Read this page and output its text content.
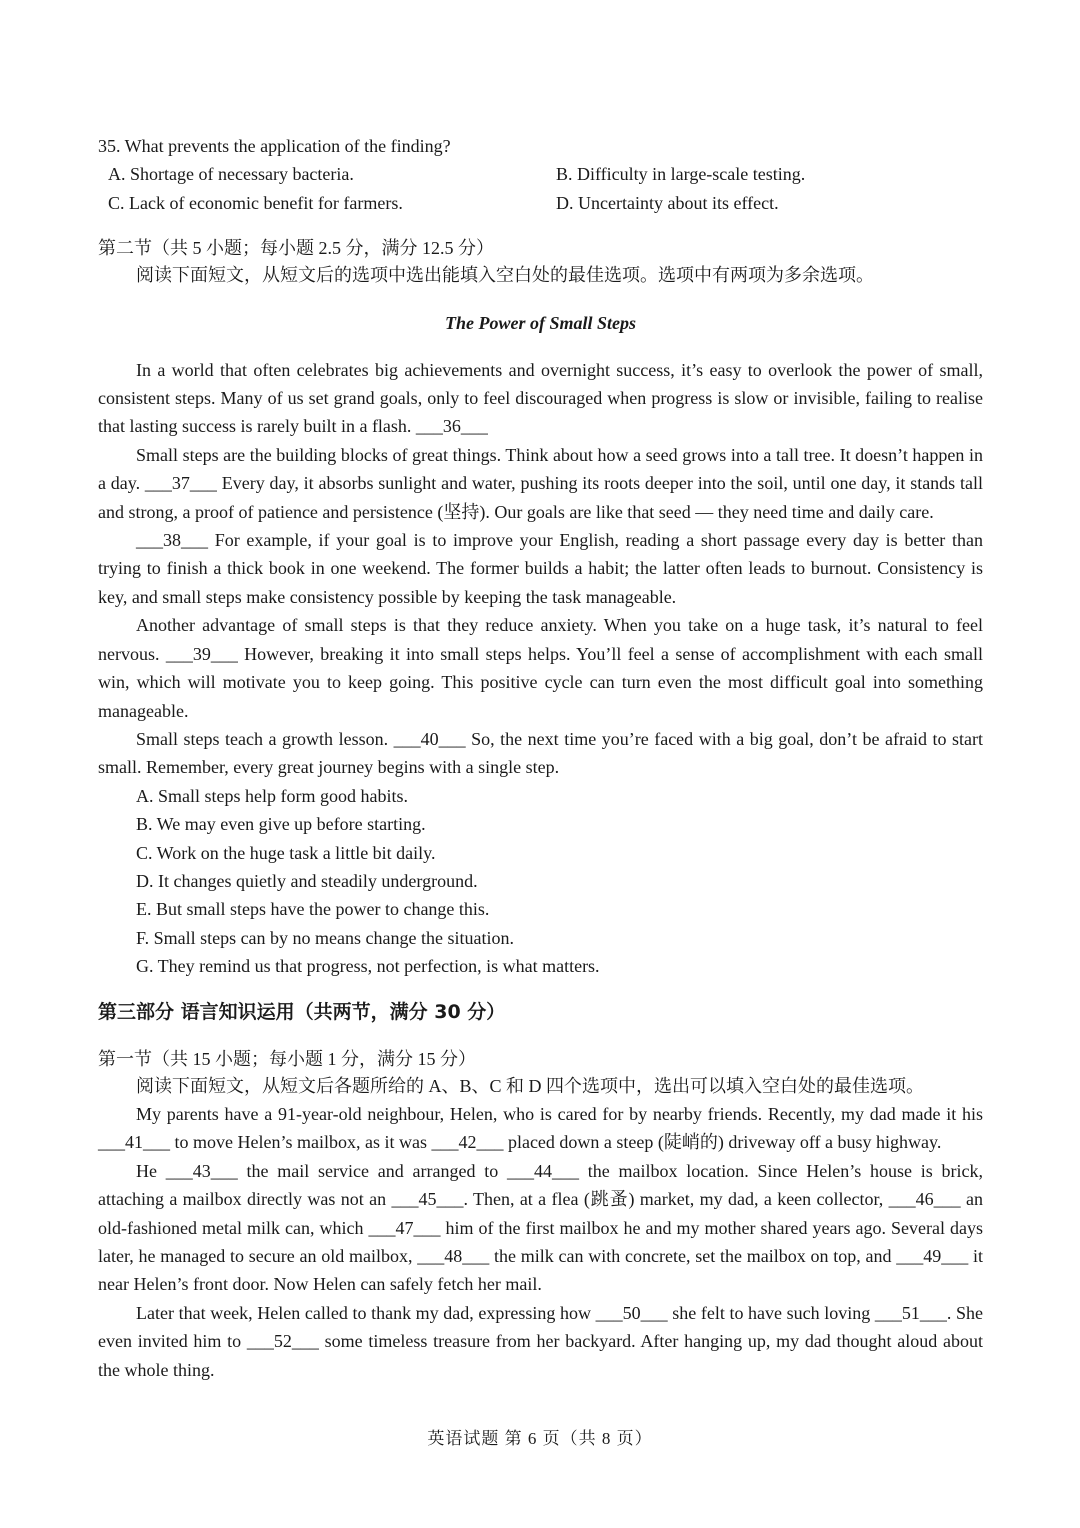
35. What prevents the application of the finding?

A. Shortage of necessary bacteria.	B. Difficulty in large-scale testing.
C. Lack of economic benefit for farmers.	D. Uncertainty about its effect.

第二节（共 5 小题；每小题 2.5 分，满分 12.5 分）

阅读下面短文，从短文后的选项中选出能填入空白处的最佳选项。选项中有两项为多余选项。

The Power of Small Steps

In a world that often celebrates big achievements and overnight success, it’s easy to overlook the power of small, consistent steps. Many of us set grand goals, only to feel discouraged when progress is slow or invisible, failing to realise that lasting success is rarely built in a flash. ___36___

Small steps are the building blocks of great things. Think about how a seed grows into a tall tree. It doesn’t happen in a day. ___37___ Every day, it absorbs sunlight and water, pushing its roots deeper into the soil, until one day, it stands tall and strong, a proof of patience and persistence (坚持). Our goals are like that seed — they need time and daily care.

___38___ For example, if your goal is to improve your English, reading a short passage every day is better than trying to finish a thick book in one weekend. The former builds a habit; the latter often leads to burnout. Consistency is key, and small steps make consistency possible by keeping the task manageable.

Another advantage of small steps is that they reduce anxiety. When you take on a huge task, it’s natural to feel nervous. ___39___ However, breaking it into small steps helps. You’ll feel a sense of accomplishment with each small win, which will motivate you to keep going. This positive cycle can turn even the most difficult goal into something manageable.

Small steps teach a growth lesson. ___40___ So, the next time you’re faced with a big goal, don’t be afraid to start small. Remember, every great journey begins with a single step.

A. Small steps help form good habits.

B. We may even give up before starting.

C. Work on the huge task a little bit daily.

D. It changes quietly and steadily underground.

E. But small steps have the power to change this.

F. Small steps can by no means change the situation.

G. They remind us that progress, not perfection, is what matters.

第三部分 语言知识运用（共两节，满分 30 分）

第一节（共 15 小题；每小题 1 分，满分 15 分）

阅读下面短文，从短文后各题所给的 A、B、C 和 D 四个选项中，选出可以填入空白处的最佳选项。

My parents have a 91-year-old neighbour, Helen, who is cared for by nearby friends. Recently, my dad made it his ___41___ to move Helen’s mailbox, as it was ___42___ placed down a steep (陡峭的) driveway off a busy highway.

He ___43___ the mail service and arranged to ___44___ the mailbox location. Since Helen’s house is brick, attaching a mailbox directly was not an ___45___. Then, at a flea (跳蚤) market, my dad, a keen collector, ___46___ an old-fashioned metal milk can, which ___47___ him of the first mailbox he and my mother shared years ago. Several days later, he managed to secure an old mailbox, ___48___ the milk can with concrete, set the mailbox on top, and ___49___ it near Helen’s front door. Now Helen can safely fetch her mail.

Later that week, Helen called to thank my dad, expressing how ___50___ she felt to have such loving ___51___. She even invited him to ___52___ some timeless treasure from her backyard. After hanging up, my dad thought aloud about the whole thing.

英语试题 第 6 页（共 8 页）
